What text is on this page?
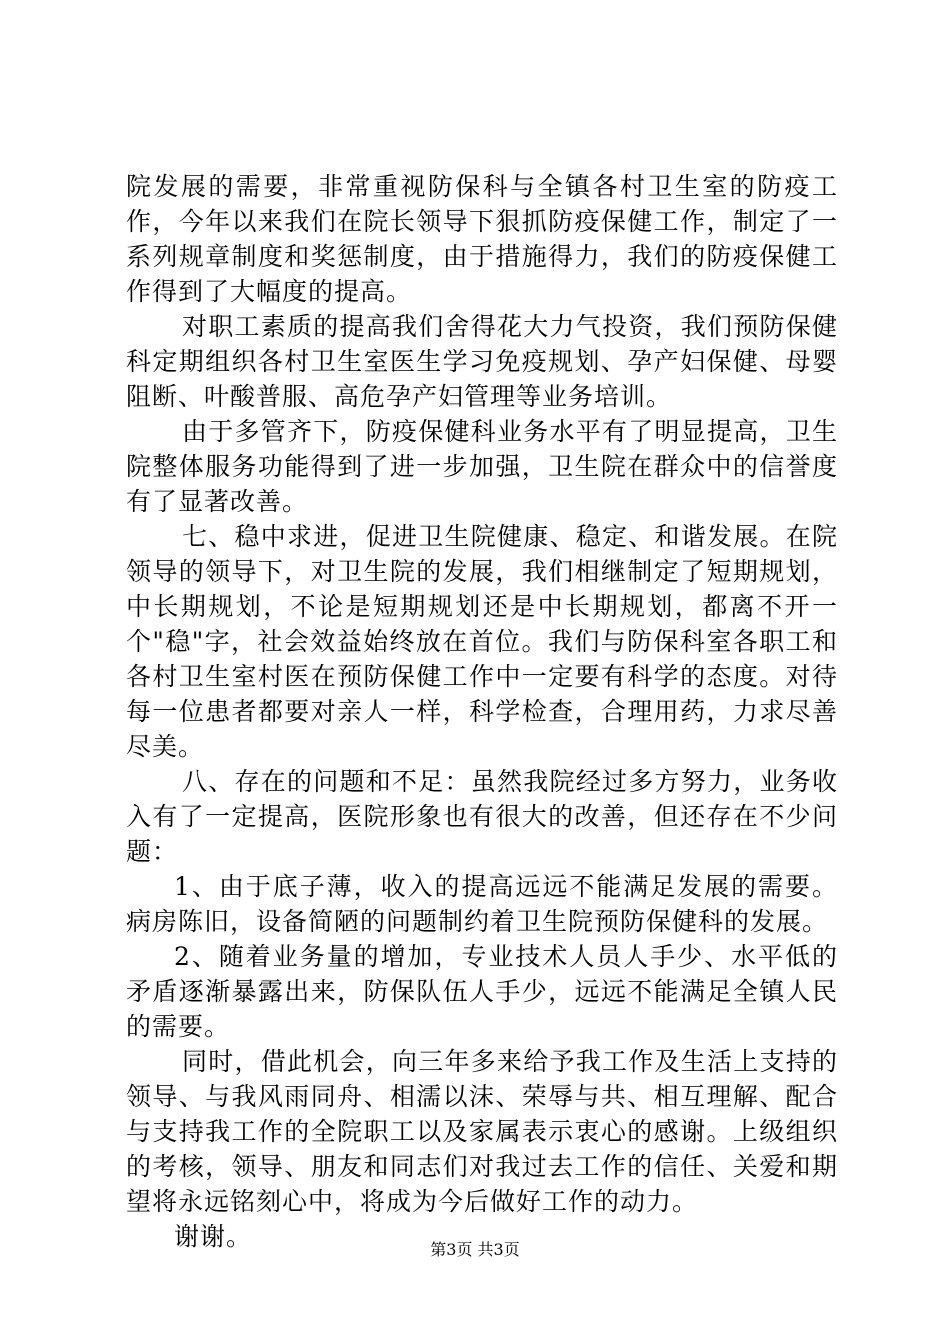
院发展的需要，非常重视防保科与全镇各村卫生室的防疫工作，今年以来我们在院长领导下狠抓防疫保健工作，制定了一系列规章制度和奖惩制度，由于措施得力，我们的防疫保健工作得到了大幅度的提高。

对职工素质的提高我们舍得花大力气投资，我们预防保健科定期组织各村卫生室医生学习免疫规划、孕产妇保健、母婴阻断、叶酸普服、高危孕产妇管理等业务培训。

由于多管齐下，防疫保健科业务水平有了明显提高，卫生院整体服务功能得到了进一步加强，卫生院在群众中的信誉度有了显著改善。

七、稳中求进，促进卫生院健康、稳定、和谐发展。在院领导的领导下，对卫生院的发展，我们相继制定了短期规划，中长期规划，不论是短期规划还是中长期规划，都离不开一个"稳"字，社会效益始终放在首位。我们与防保科室各职工和各村卫生室村医在预防保健工作中一定要有科学的态度。对待每一位患者都要对亲人一样，科学检查，合理用药，力求尽善尽美。

八、存在的问题和不足：虽然我院经过多方努力，业务收入有了一定提高，医院形象也有很大的改善，但还存在不少问题：

1、由于底子薄，收入的提高远远不能满足发展的需要。病房陈旧，设备简陋的问题制约着卫生院预防保健科的发展。

2、随着业务量的增加，专业技术人员人手少、水平低的矛盾逐渐暴露出来，防保队伍人手少，远远不能满足全镇人民的需要。

同时，借此机会，向三年多来给予我工作及生活上支持的领导、与我风雨同舟、相濡以沫、荣辱与共、相互理解、配合与支持我工作的全院职工以及家属表示衷心的感谢。上级组织的考核，领导、朋友和同志们对我过去工作的信任、关爱和期望将永远铭刻心中，将成为今后做好工作的动力。

谢谢。	第3页 共3页
